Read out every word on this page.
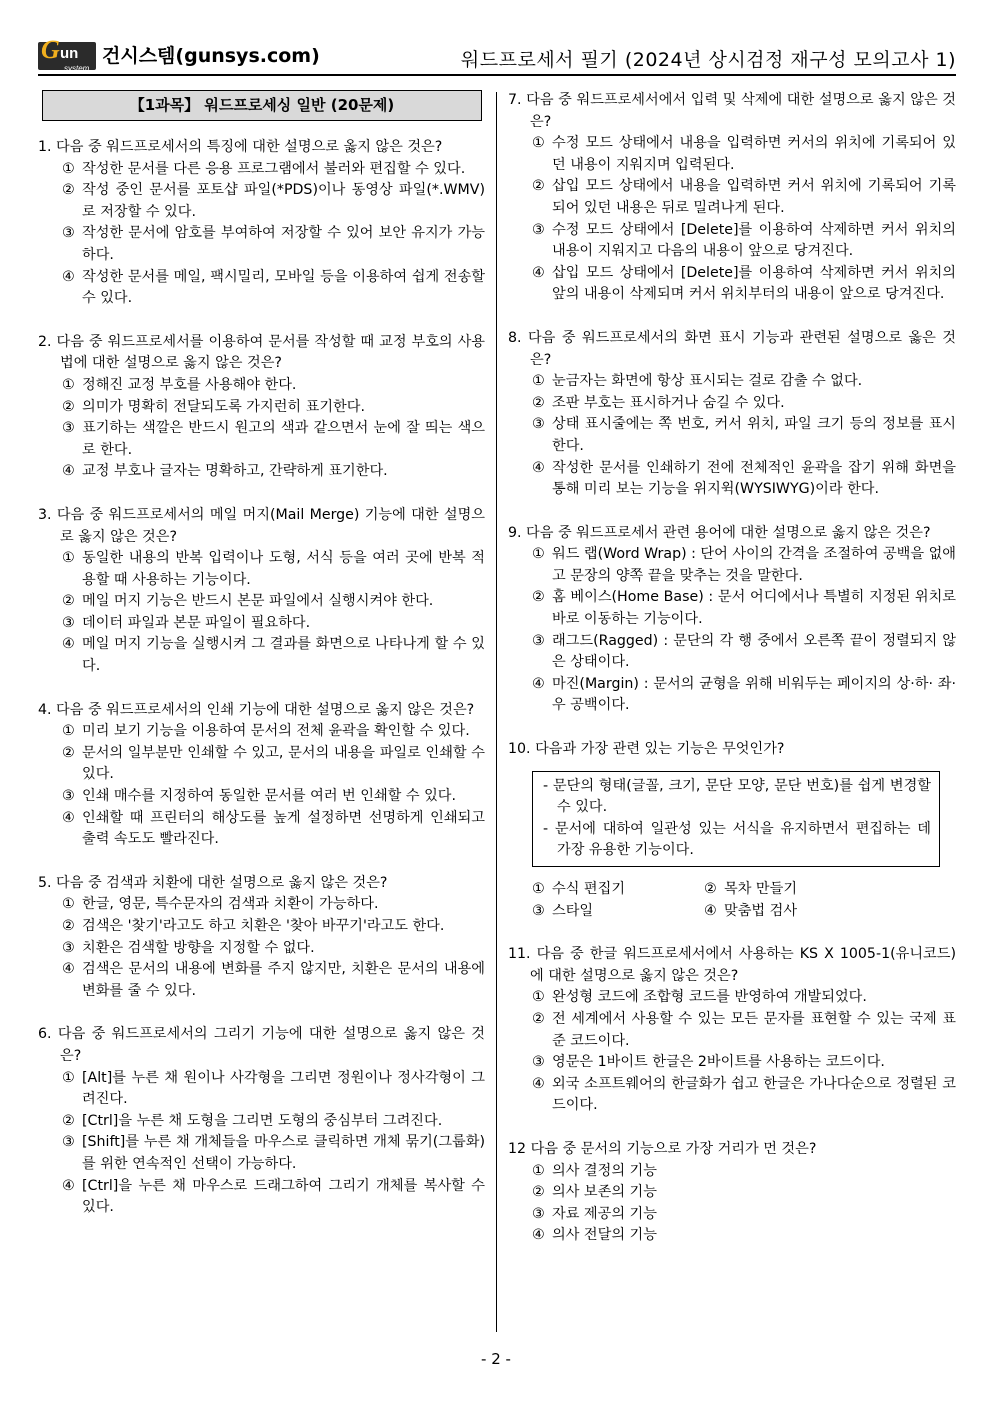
G un
system
건시스템(gunsys.com)	워드프로세서 필기 (2024년 상시검정 재구성 모의고사 1)
【1과목】 워드프로세싱 일반 (20문제)
1. 다음 중 워드프로세서의 특징에 대한 설명으로 옳지 않은 것은?
① 작성한 문서를 다른 응용 프로그램에서 불러와 편집할 수 있다.
② 작성 중인 문서를 포토샵 파일(*PDS)이나 동영상 파일(*.WMV)로 저장할 수 있다.
③ 작성한 문서에 암호를 부여하여 저장할 수 있어 보안 유지가 가능하다.
④ 작성한 문서를 메일, 팩시밀리, 모바일 등을 이용하여 쉽게 전송할 수 있다.
2. 다음 중 워드프로세서를 이용하여 문서를 작성할 때 교정 부호의 사용법에 대한 설명으로 옳지 않은 것은?
① 정해진 교정 부호를 사용해야 한다.
② 의미가 명확히 전달되도록 가지런히 표기한다.
③ 표기하는 색깔은 반드시 원고의 색과 같으면서 눈에 잘 띄는 색으로 한다.
④ 교정 부호나 글자는 명확하고, 간략하게 표기한다.
3. 다음 중 워드프로세서의 메일 머지(Mail Merge) 기능에 대한 설명으로 옳지 않은 것은?
① 동일한 내용의 반복 입력이나 도형, 서식 등을 여러 곳에 반복 적용할 때 사용하는 기능이다.
② 메일 머지 기능은 반드시 본문 파일에서 실행시켜야 한다.
③ 데이터 파일과 본문 파일이 필요하다.
④ 메일 머지 기능을 실행시켜 그 결과를 화면으로 나타나게 할 수 있다.
4. 다음 중 워드프로세서의 인쇄 기능에 대한 설명으로 옳지 않은 것은?
① 미리 보기 기능을 이용하여 문서의 전체 윤곽을 확인할 수 있다.
② 문서의 일부분만 인쇄할 수 있고, 문서의 내용을 파일로 인쇄할 수 있다.
③ 인쇄 매수를 지정하여 동일한 문서를 여러 번 인쇄할 수 있다.
④ 인쇄할 때 프린터의 해상도를 높게 설정하면 선명하게 인쇄되고 출력 속도도 빨라진다.
5. 다음 중 검색과 치환에 대한 설명으로 옳지 않은 것은?
① 한글, 영문, 특수문자의 검색과 치환이 가능하다.
② 검색은 '찾기'라고도 하고 치환은 '찾아 바꾸기'라고도 한다.
③ 치환은 검색할 방향을 지정할 수 없다.
④ 검색은 문서의 내용에 변화를 주지 않지만, 치환은 문서의 내용에 변화를 줄 수 있다.
6. 다음 중 워드프로세서의 그리기 기능에 대한 설명으로 옳지 않은 것은?
① [Alt]를 누른 채 원이나 사각형을 그리면 정원이나 정사각형이 그려진다.
② [Ctrl]을 누른 채 도형을 그리면 도형의 중심부터 그려진다.
③ [Shift]를 누른 채 개체들을 마우스로 클릭하면 개체 묶기(그룹화)를 위한 연속적인 선택이 가능하다.
④ [Ctrl]을 누른 채 마우스로 드래그하여 그리기 개체를 복사할 수 있다.
7. 다음 중 워드프로세서에서 입력 및 삭제에 대한 설명으로 옳지 않은 것은?
① 수정 모드 상태에서 내용을 입력하면 커서의 위치에 기록되어 있던 내용이 지워지며 입력된다.
② 삽입 모드 상태에서 내용을 입력하면 커서 위치에 기록되어 기록되어 있던 내용은 뒤로 밀려나게 된다.
③ 수정 모드 상태에서 [Delete]를 이용하여 삭제하면 커서 위치의 내용이 지워지고 다음의 내용이 앞으로 당겨진다.
④ 삽입 모드 상태에서 [Delete]를 이용하여 삭제하면 커서 위치의 앞의 내용이 삭제되며 커서 위치부터의 내용이 앞으로 당겨진다.
8. 다음 중 워드프로세서의 화면 표시 기능과 관련된 설명으로 옳은 것은?
① 눈금자는 화면에 항상 표시되는 걸로 감출 수 없다.
② 조판 부호는 표시하거나 숨길 수 있다.
③ 상태 표시줄에는 쪽 번호, 커서 위치, 파일 크기 등의 정보를 표시한다.
④ 작성한 문서를 인쇄하기 전에 전체적인 윤곽을 잡기 위해 화면을 통해 미리 보는 기능을 위지윅(WYSIWYG)이라 한다.
9. 다음 중 워드프로세서 관련 용어에 대한 설명으로 옳지 않은 것은?
① 워드 랩(Word Wrap) : 단어 사이의 간격을 조절하여 공백을 없애고 문장의 양쪽 끝을 맞추는 것을 말한다.
② 홈 베이스(Home Base) : 문서 어디에서나 특별히 지정된 위치로 바로 이동하는 기능이다.
③ 래그드(Ragged) : 문단의 각 행 중에서 오른쪽 끝이 정렬되지 않은 상태이다.
④ 마진(Margin) : 문서의 균형을 위해 비워두는 페이지의 상·하· 좌·우 공백이다.
10. 다음과 가장 관련 있는 기능은 무엇인가?
- 문단의 형태(글꼴, 크기, 문단 모양, 문단 번호)를 쉽게 변경할 수 있다.
- 문서에 대하여 일관성 있는 서식을 유지하면서 편집하는 데 가장 유용한 기능이다.
① 수식 편집기	② 목차 만들기
③ 스타일	④ 맞춤법 검사
11. 다음 중 한글 워드프로세서에서 사용하는 KS X 1005-1(유니코드)에 대한 설명으로 옳지 않은 것은?
① 완성형 코드에 조합형 코드를 반영하여 개발되었다.
② 전 세계에서 사용할 수 있는 모든 문자를 표현할 수 있는 국제 표준 코드이다.
③ 영문은 1바이트 한글은 2바이트를 사용하는 코드이다.
④ 외국 소프트웨어의 한글화가 쉽고 한글은 가나다순으로 정렬된 코드이다.
12 다음 중 문서의 기능으로 가장 거리가 먼 것은?
① 의사 결정의 기능
② 의사 보존의 기능
③ 자료 제공의 기능
④ 의사 전달의 기능
- 2 -
